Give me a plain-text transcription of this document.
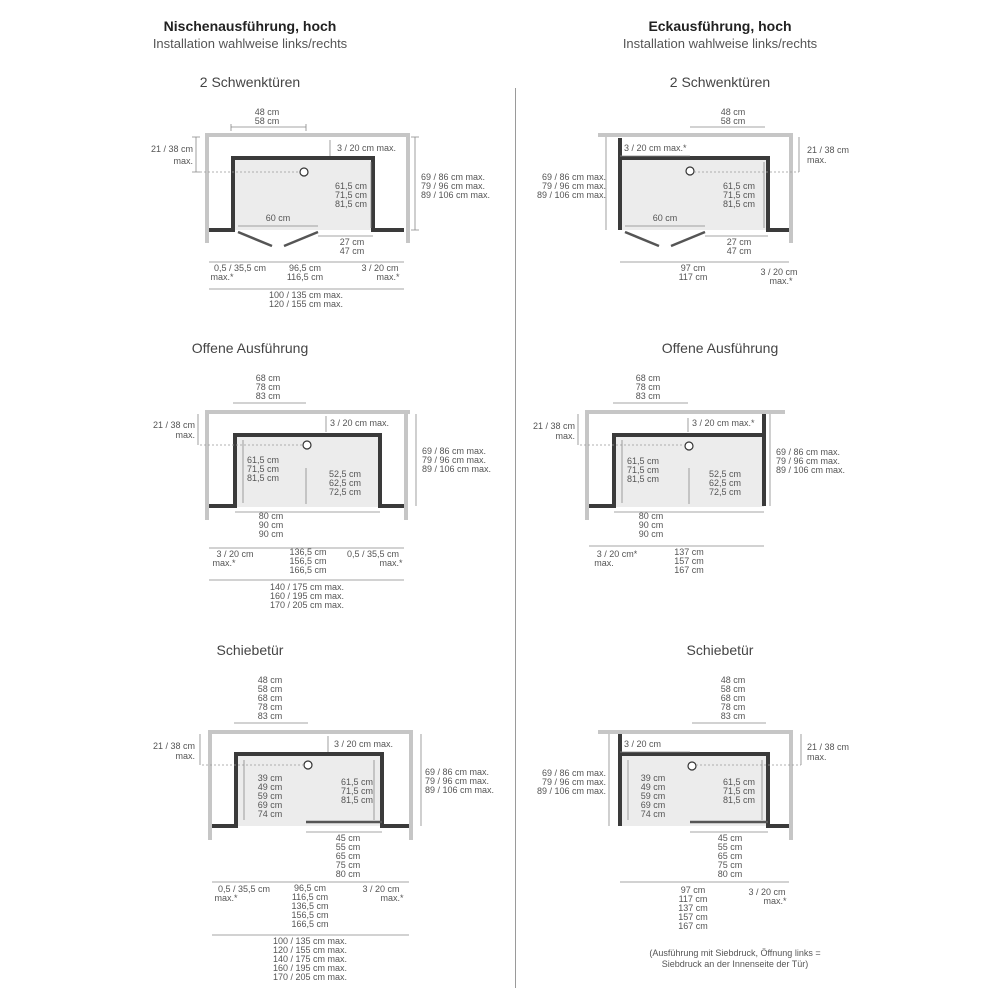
Nischenausführung, hoch
Installation wahlweise links/rechts
2 Schwenktüren
Offene Ausführung
Schiebetür
48 cm
58 cm
21 / 38 cm
max.
3 / 20 cm max.
69 / 86 cm max.
79 / 96 cm max.
89 / 106 cm max.
61,5 cm
71,5 cm
81,5 cm
60 cm
27 cm
47 cm
0,5 / 35,5 cm
max.*
96,5 cm
116,5 cm
3 / 20 cm
max.*
100 / 135 cm max.
120 / 155 cm max.
68 cm
78 cm
83 cm
21 / 38 cm
max.
3 / 20 cm max.
69 / 86 cm max.
79 / 96 cm max.
89 / 106 cm max.
61,5 cm
71,5 cm
81,5 cm	52,5 cm
62,5 cm
72,5 cm
80 cm
90 cm
90 cm
3 / 20 cm
max.*
136,5 cm
156,5 cm
166,5 cm
0,5 / 35,5 cm
max.*
140 / 175 cm max.
160 / 195 cm max.
170 / 205 cm max.
48 cm
58 cm
68 cm
78 cm
83 cm
21 / 38 cm
max.
3 / 20 cm max.
69 / 86 cm max.
79 / 96 cm max.
89 / 106 cm max.
39 cm
49 cm
59 cm
69 cm
74 cm
61,5 cm
71,5 cm
81,5 cm
45 cm
55 cm
65 cm
75 cm
80 cm
0,5 / 35,5 cm
max.*
96,5 cm
116,5 cm
136,5 cm
156,5 cm
166,5 cm
3 / 20 cm
max.*
100 / 135 cm max.
120 / 155 cm max.
140 / 175 cm max.
160 / 195 cm max.
170 / 205 cm max.
Eckausführung, hoch
Installation wahlweise links/rechts
2 Schwenktüren
Offene Ausführung
Schiebetür
48 cm
58 cm
21 / 38 cm
max.
3 / 20 cm max.*
69 / 86 cm max.
79 / 96 cm max.
89 / 106 cm max.
61,5 cm
71,5 cm
81,5 cm
60 cm
27 cm
47 cm
97 cm
117 cm	3 / 20 cm
max.*
68 cm
78 cm
83 cm
21 / 38 cm
max.
3 / 20 cm max.*
69 / 86 cm max.
79 / 96 cm max.
89 / 106 cm max.
61,5 cm
71,5 cm
81,5 cm	52,5 cm
62,5 cm
72,5 cm
80 cm
90 cm
90 cm
3 / 20 cm*
max.
137 cm
157 cm
167 cm
48 cm
58 cm
68 cm
78 cm
83 cm
21 / 38 cm
max.
3 / 20 cm
69 / 86 cm max.
79 / 96 cm max.
89 / 106 cm max.
39 cm
49 cm
59 cm
69 cm
74 cm
61,5 cm
71,5 cm
81,5 cm
45 cm
55 cm
65 cm
75 cm
80 cm
97 cm
117 cm
137 cm
157 cm
167 cm
3 / 20 cm
max.*
(Ausführung mit Siebdruck, Öffnung links =
Siebdruck an der Innenseite der Tür)
